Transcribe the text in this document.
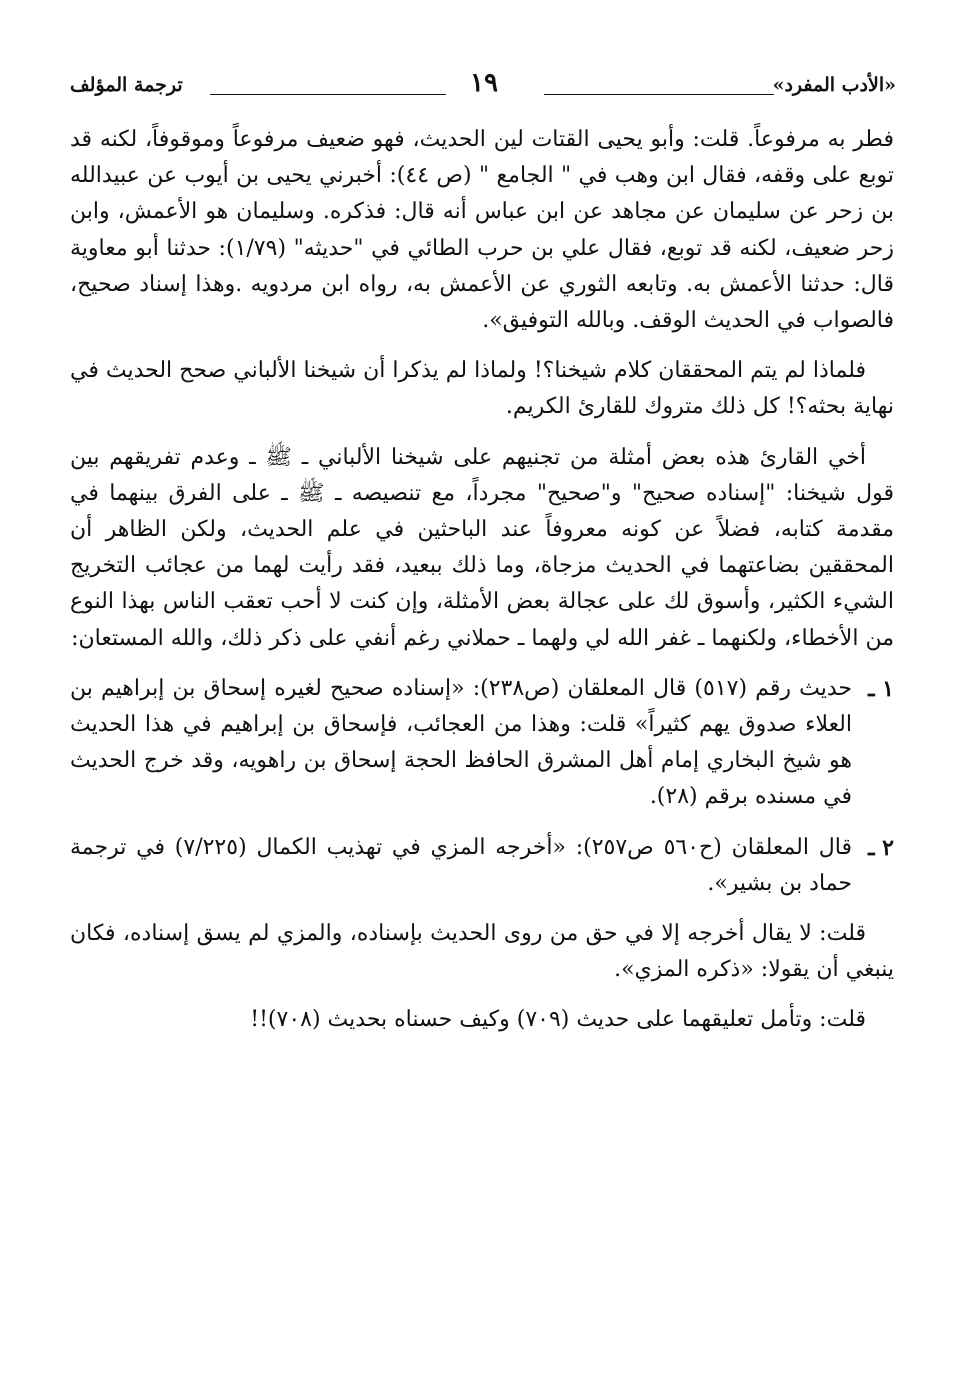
«الأدب المفرد»
١٩
ترجمة المؤلف

فطر به مرفوعاً. قلت: وأبو يحيى القتات لين الحديث، فهو ضعيف مرفوعاً وموقوفاً، لكنه قد توبع على وقفه، فقال ابن وهب في " الجامع " (ص ٤٤): أخبرني يحيى بن أيوب عن عبيدالله بن زحر عن سليمان عن مجاهد عن ابن عباس أنه قال: فذكره. وسليمان هو الأعمش، وابن زحر ضعيف، لكنه قد توبع، فقال علي بن حرب الطائي في "حديثه" (١/٧٩): حدثنا أبو معاوية قال: حدثنا الأعمش به. وتابعه الثوري عن الأعمش به، رواه ابن مردويه .وهذا إسناد صحيح، فالصواب في الحديث الوقف. وبالله التوفيق».

فلماذا لم يتم المحققان كلام شيخنا؟! ولماذا لم يذكرا أن شيخنا الألباني صحح الحديث في نهاية بحثه؟! كل ذلك متروك للقارئ الكريم.

أخي القارئ هذه بعض أمثلة من تجنيهم على شيخنا الألباني ـ ﷺ ـ وعدم تفريقهم بين قول شيخنا: "إسناده صحيح" و"صحيح" مجرداً، مع تنصيصه ـ ﷺ ـ على الفرق بينهما في مقدمة كتابه، فضلاً عن كونه معروفاً عند الباحثين في علم الحديث، ولكن الظاهر أن المحققين بضاعتهما في الحديث مزجاة، وما ذلك ببعيد، فقد رأيت لهما من عجائب التخريج الشيء الكثير، وأسوق لك على عجالة بعض الأمثلة، وإن كنت لا أحب تعقب الناس بهذا النوع من الأخطاء، ولكنهما ـ غفر الله لي ولهما ـ حملاني رغم أنفي على ذكر ذلك، والله المستعان:

١ ـ
حديث رقم (٥١٧) قال المعلقان (ص٢٣٨): «إسناده صحيح لغيره إسحاق بن إبراهيم بن العلاء صدوق يهم كثيراً» قلت: وهذا من العجائب، فإسحاق بن إبراهيم في هذا الحديث هو شيخ البخاري إمام أهل المشرق الحافظ الحجة إسحاق بن راهويه، وقد خرج الحديث في مسنده برقم (٢٨).
٢ ـ
قال المعلقان (ح٥٦٠ ص٢٥٧): «أخرجه المزي في تهذيب الكمال (٧/٢٢٥) في ترجمة حماد بن بشير».

قلت: لا يقال أخرجه إلا في حق من روى الحديث بإسناده، والمزي لم يسق إسناده، فكان ينبغي أن يقولا: «ذكره المزي».

قلت: وتأمل تعليقهما على حديث (٧٠٩) وكيف حسناه بحديث (٧٠٨)!!
